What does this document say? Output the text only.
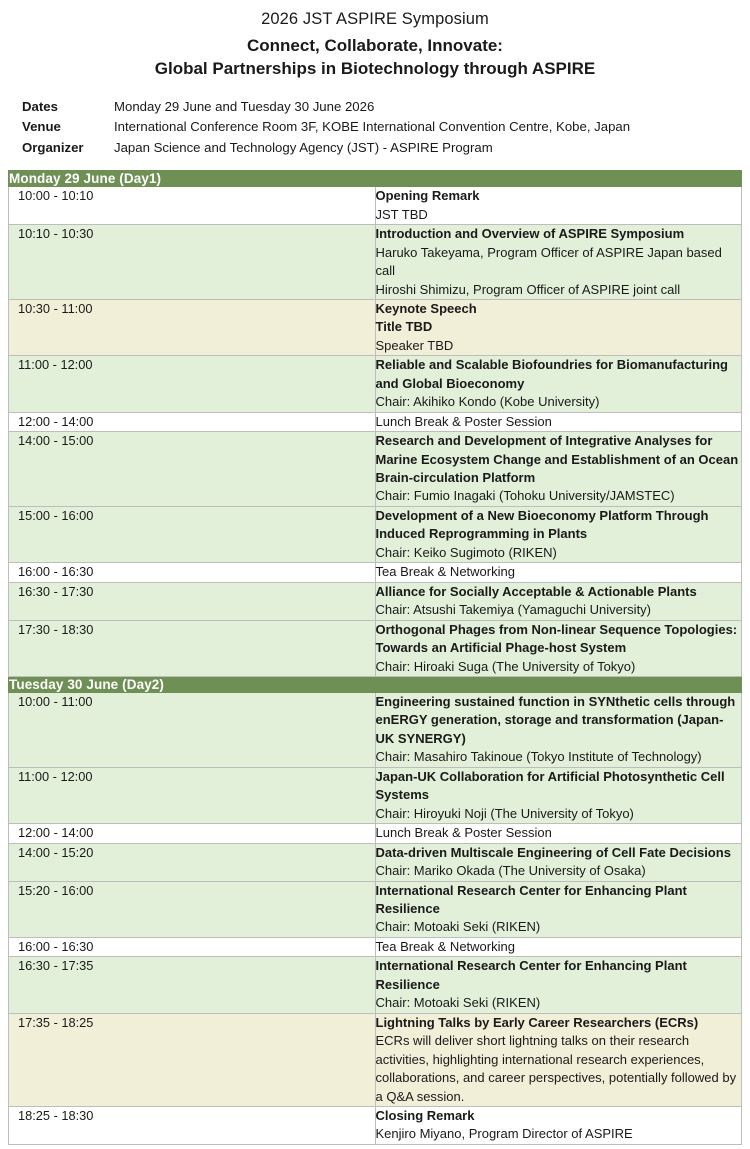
2026 JST ASPIRE Symposium
Connect, Collaborate, Innovate:
Global Partnerships in Biotechnology through ASPIRE
Dates	Monday 29 June and Tuesday 30 June 2026
Venue	International Conference Room 3F, KOBE International Convention Centre, Kobe, Japan
Organizer	Japan Science and Technology Agency (JST) - ASPIRE Program
Monday 29 June (Day1)	
10:00 - 10:10	Opening Remark
JST TBD

10:10 - 10:30	Introduction and Overview of ASPIRE Symposium
Haruko Takeyama, Program Officer of ASPIRE Japan based call
Hiroshi Shimizu, Program Officer of ASPIRE joint call

10:30 - 11:00	Keynote Speech
Title TBD
Speaker TBD

11:00 - 12:00	Reliable and Scalable Biofoundries for Biomanufacturing and Global Bioeconomy
Chair: Akihiko Kondo (Kobe University)

12:00 - 14:00	Lunch Break & Poster Session

14:00 - 15:00	Research and Development of Integrative Analyses for Marine Ecosystem Change and Establishment of an Ocean Brain-circulation Platform
Chair: Fumio Inagaki (Tohoku University/JAMSTEC)

15:00 - 16:00	Development of a New Bioeconomy Platform Through Induced Reprogramming in Plants
Chair: Keiko Sugimoto (RIKEN)

16:00 - 16:30	Tea Break & Networking

16:30 - 17:30	Alliance for Socially Acceptable & Actionable Plants
Chair: Atsushi Takemiya (Yamaguchi University)

17:30 - 18:30	Orthogonal Phages from Non-linear Sequence Topologies: Towards an Artificial Phage-host System
Chair: Hiroaki Suga (The University of Tokyo)

Tuesday 30 June (Day2)	
10:00 - 11:00	Engineering sustained function in SYNthetic cells through enERGY generation, storage and transformation (Japan-UK SYNERGY)
Chair: Masahiro Takinoue (Tokyo Institute of Technology)

11:00 - 12:00	Japan-UK Collaboration for Artificial Photosynthetic Cell Systems
Chair: Hiroyuki Noji (The University of Tokyo)

12:00 - 14:00	Lunch Break & Poster Session

14:00 - 15:20	Data-driven Multiscale Engineering of Cell Fate Decisions
Chair: Mariko Okada (The University of Osaka)

15:20 - 16:00	International Research Center for Enhancing Plant Resilience
Chair: Motoaki Seki (RIKEN)

16:00 - 16:30	Tea Break & Networking

16:30 - 17:35	International Research Center for Enhancing Plant Resilience
Chair: Motoaki Seki (RIKEN)

17:35 - 18:25	Lightning Talks by Early Career Researchers (ECRs)
ECRs will deliver short lightning talks on their research activities, highlighting international research experiences, collaborations, and career perspectives, potentially followed by a Q&A session.

18:25 - 18:30	Closing Remark
Kenjiro Miyano, Program Director of ASPIRE
